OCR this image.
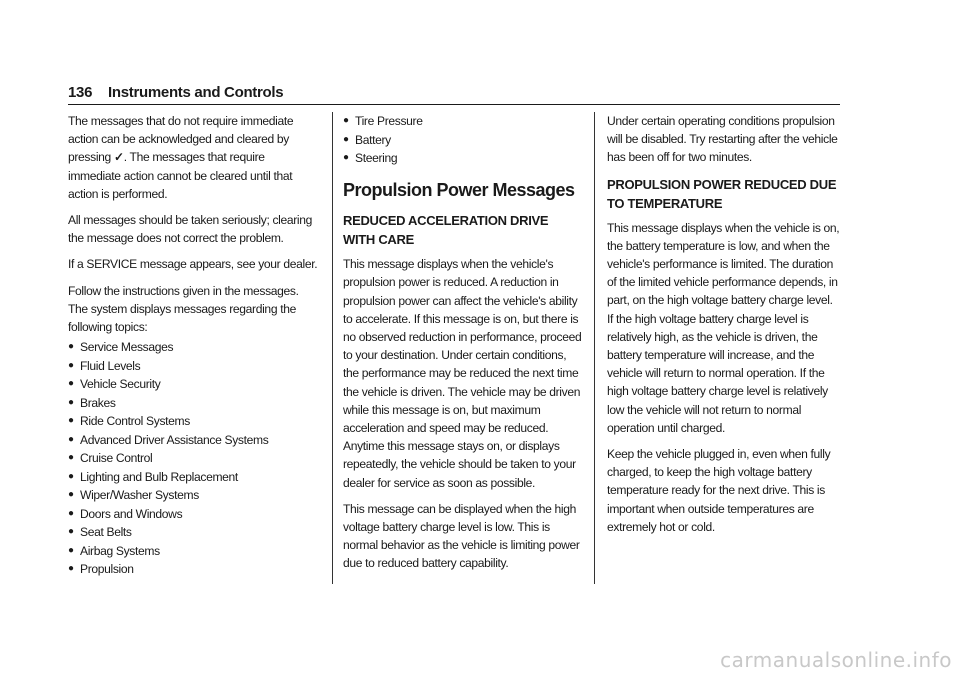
136 Instruments and Controls

The messages that do not require immediate action can be acknowledged and cleared by pressing ✓. The messages that require immediate action cannot be cleared until that action is performed.

All messages should be taken seriously; clearing the message does not correct the problem.

If a SERVICE message appears, see your dealer.

Follow the instructions given in the messages. The system displays messages regarding the following topics:

● Service Messages
● Fluid Levels
● Vehicle Security
● Brakes
● Ride Control Systems
● Advanced Driver Assistance Systems
● Cruise Control
● Lighting and Bulb Replacement
● Wiper/Washer Systems
● Doors and Windows
● Seat Belts
● Airbag Systems
● Propulsion
● Tire Pressure
● Battery
● Steering
Propulsion Power Messages
REDUCED ACCELERATION DRIVE WITH CARE

This message displays when the vehicle's propulsion power is reduced. A reduction in propulsion power can affect the vehicle's ability to accelerate. If this message is on, but there is no observed reduction in performance, proceed to your destination. Under certain conditions, the performance may be reduced the next time the vehicle is driven. The vehicle may be driven while this message is on, but maximum acceleration and speed may be reduced. Anytime this message stays on, or displays repeatedly, the vehicle should be taken to your dealer for service as soon as possible.

This message can be displayed when the high voltage battery charge level is low. This is normal behavior as the vehicle is limiting power due to reduced battery capability.

Under certain operating conditions propulsion will be disabled. Try restarting after the vehicle has been off for two minutes.

PROPULSION POWER REDUCED DUE TO TEMPERATURE

This message displays when the vehicle is on, the battery temperature is low, and when the vehicle's performance is limited. The duration of the limited vehicle performance depends, in part, on the high voltage battery charge level. If the high voltage battery charge level is relatively high, as the vehicle is driven, the battery temperature will increase, and the vehicle will return to normal operation. If the high voltage battery charge level is relatively low the vehicle will not return to normal operation until charged.

Keep the vehicle plugged in, even when fully charged, to keep the high voltage battery temperature ready for the next drive. This is important when outside temperatures are extremely hot or cold.

carmanualsonline.info
